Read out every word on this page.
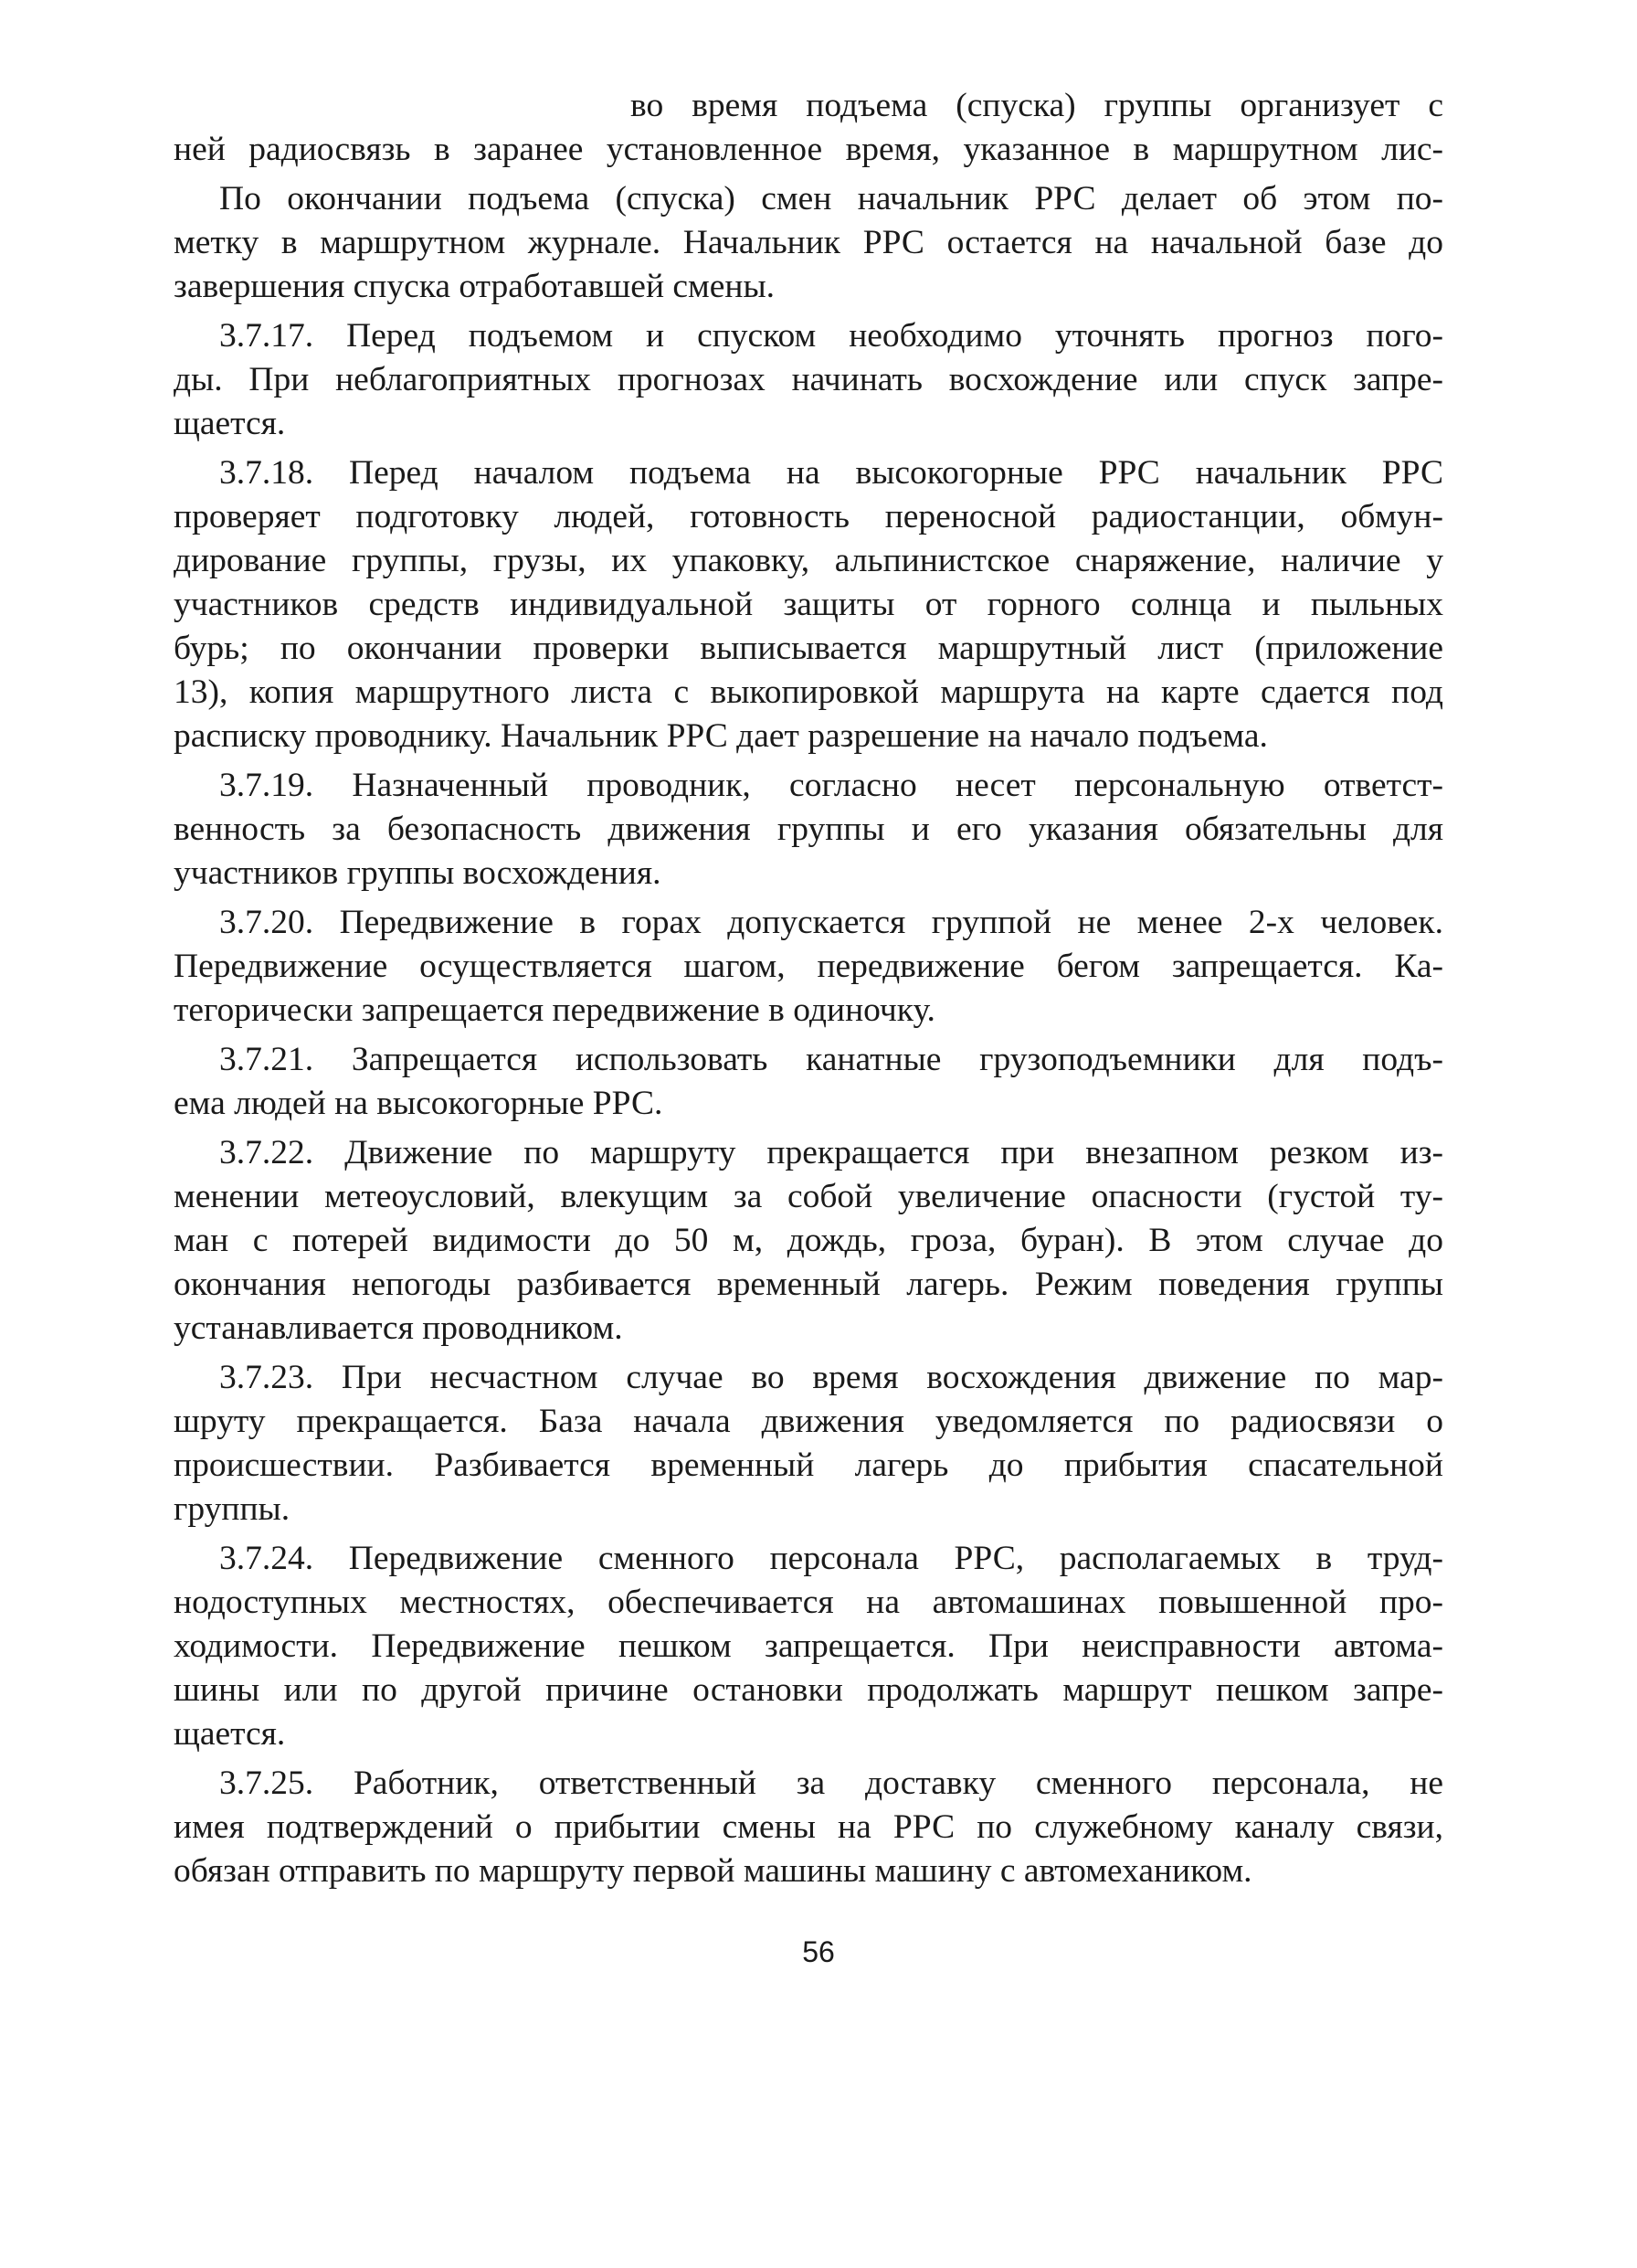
во время подъема (спуска) группы организует с
ней радиосвязь в заранее установленное время, указанное в маршрутном лис-
По окончании подъема (спуска) смен начальник РРС делает об этом по-
метку в маршрутном журнале. Начальник РРС остается на начальной базе до
завершения спуска отработавшей смены.
3.7.17. Перед подъемом и спуском необходимо уточнять прогноз пого-
ды. При неблагоприятных прогнозах начинать восхождение или спуск запре-
щается.
3.7.18. Перед началом подъема на высокогорные РРС начальник РРС
проверяет подготовку людей, готовность переносной радиостанции, обмун-
дирование группы, грузы, их упаковку, альпинистское снаряжение, наличие у
участников средств индивидуальной защиты от горного солнца и пыльных
бурь; по окончании проверки выписывается маршрутный лист (приложение
13), копия маршрутного листа с выкопировкой маршрута на карте сдается под
расписку проводнику. Начальник РРС дает разрешение на начало подъема.
3.7.19. Назначенный проводник, согласно несет персональную ответст-
венность за безопасность движения группы и его указания обязательны для
участников группы восхождения.
3.7.20. Передвижение в горах допускается группой не менее 2-х человек.
Передвижение осуществляется шагом, передвижение бегом запрещается. Ка-
тегорически запрещается передвижение в одиночку.
3.7.21. Запрещается использовать канатные грузоподъемники для подъ-
ема людей на высокогорные РРС.
3.7.22. Движение по маршруту прекращается при внезапном резком из-
менении метеоусловий, влекущим за собой увеличение опасности (густой ту-
ман с потерей видимости до 50 м, дождь, гроза, буран). В этом случае до
окончания непогоды разбивается временный лагерь. Режим поведения группы
устанавливается проводником.
3.7.23. При несчастном случае во время восхождения движение по мар-
шруту прекращается. База начала движения уведомляется по радиосвязи о
происшествии. Разбивается временный лагерь до прибытия спасательной
группы.
3.7.24. Передвижение сменного персонала РРС, располагаемых в труд-
нодоступных местностях, обеспечивается на автомашинах повышенной про-
ходимости. Передвижение пешком запрещается. При неисправности автома-
шины или по другой причине остановки продолжать маршрут пешком запре-
щается.
3.7.25. Работник, ответственный за доставку сменного персонала, не
имея подтверждений о прибытии смены на РРС по служебному каналу связи,
обязан отправить по маршруту первой машины машину с автомехаником.
56
